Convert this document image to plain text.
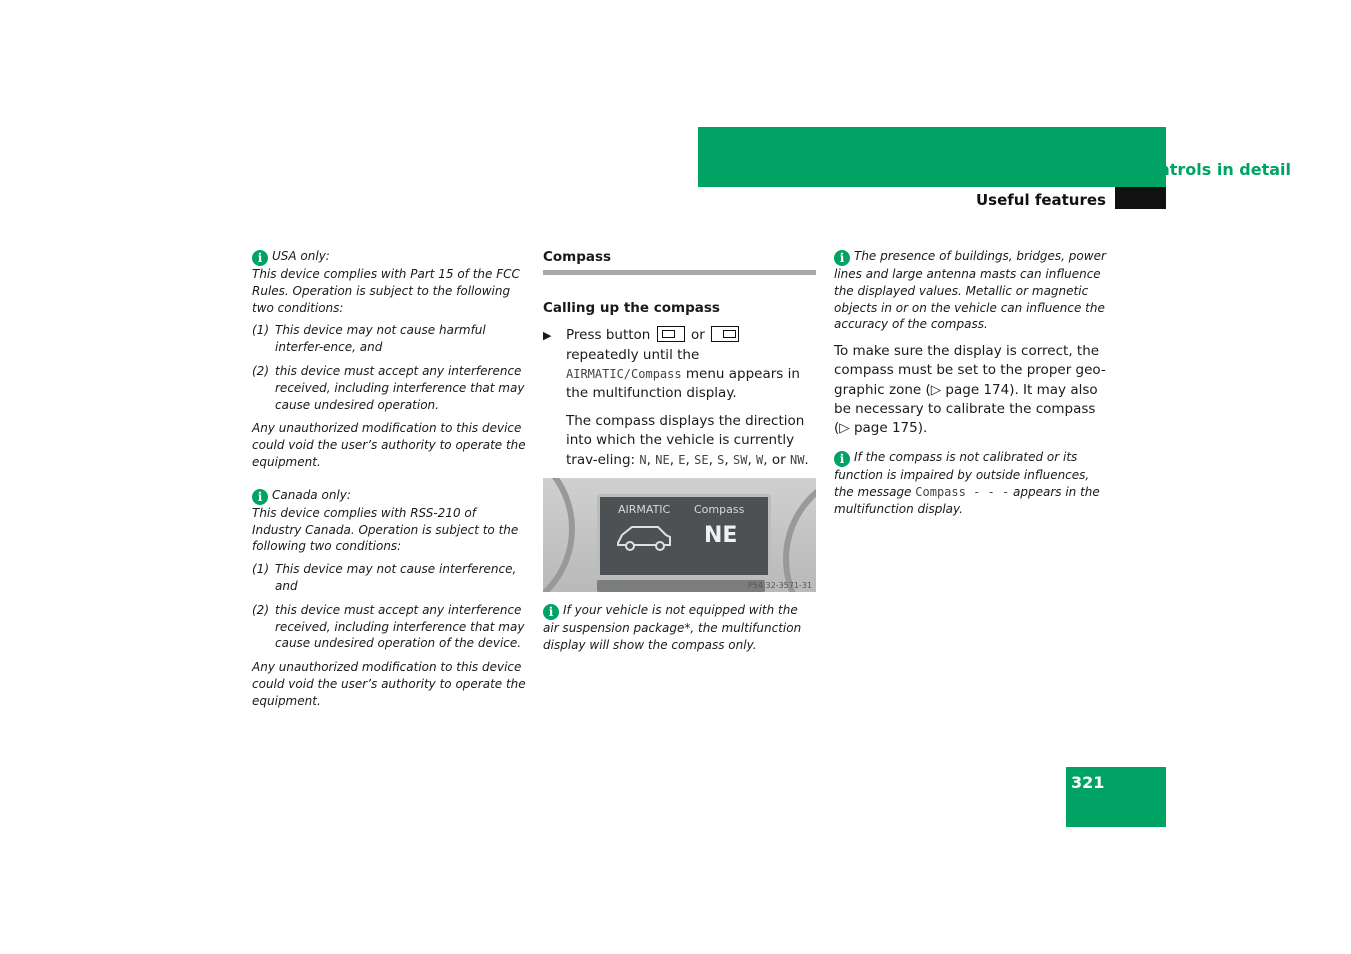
Controls in detail
Useful features

i USA only:

This device complies with Part 15 of the FCC Rules. Operation is subject to the following two conditions:

(1) This device may not cause harmful interfer-ence, and
(2) this device must accept any interference received, including interference that may cause undesired operation.

Any unauthorized modification to this device could void the user’s authority to operate the equipment.

i Canada only:

This device complies with RSS-210 of Industry Canada. Operation is subject to the following two conditions:

(1) This device may not cause interference, and
(2) this device must accept any interference received, including interference that may cause undesired operation of the device.

Any unauthorized modification to this device could void the user’s authority to operate the equipment.

Compass

Calling up the compass

▶ Press button	or  repeatedly until the AIRMATIC/Compass menu appears in the multifunction display.

The compass displays the direction into which the vehicle is currently trav-eling: N, NE, E, SE, S, SW, W, or NW.

AIRMATIC Compass
NE
P54.32-3571-31

i If your vehicle is not equipped with the air suspension package*, the multifunction display will show the compass only.

i The presence of buildings, bridges, power lines and large antenna masts can influence the displayed values. Metallic or magnetic objects in or on the vehicle can influence the accuracy of the compass.

To make sure the display is correct, the compass must be set to the proper geo-graphic zone (▷ page 174). It may also be necessary to calibrate the compass

(▷ page 175).

i If the compass is not calibrated or its function is impaired by outside influences, the message Compass - - - appears in the multifunction display.

321
